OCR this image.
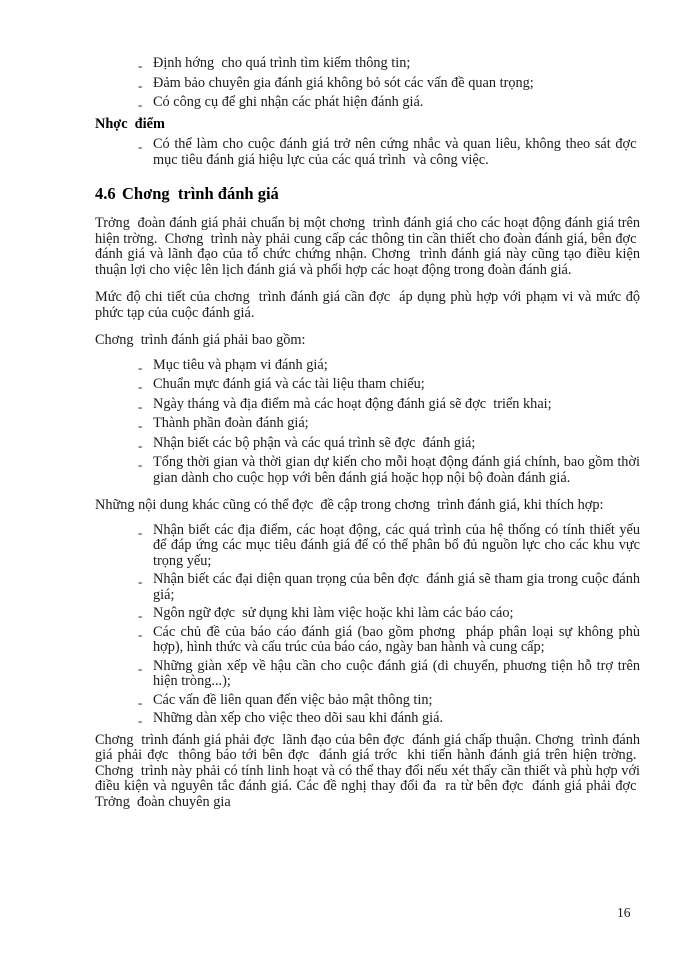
- Định hớng  cho quá trình tìm kiếm thông tin;
- Đảm bảo chuyên gia đánh giá không bỏ sót các vấn đề quan trọng;
- Có công cụ để ghi nhận các phát hiện đánh giá.
Nhợc  điểm
- Có thể làm cho cuộc đánh giá trở nên cứng nhắc và quan liêu, không theo sát đợc  mục tiêu đánh giá hiệu lực của các quá trình  và công việc.
4.6 Chơng  trình đánh giá

Trởng  đoàn đánh giá phải chuẩn bị một chơng  trình đánh giá cho các hoạt động đánh giá trên hiện trờng.  Chơng  trình này phải cung cấp các thông tin cần thiết cho đoàn đánh giá, bên đợc  đánh giá và lãnh đạo của tổ chức chứng nhận. Chơng  trình đánh giá này cũng tạo điều kiện thuận lợi cho việc lên lịch đánh giá và phối hợp các hoạt động trong đoàn đánh giá.

Mức độ chi tiết của chơng  trình đánh giá cần đợc  áp dụng phù hợp với phạm vi và mức độ phức tạp của cuộc đánh giá.

Chơng  trình đánh giá phải bao gồm:

- Mục tiêu và phạm vi đánh giá;
- Chuẩn mực đánh giá và các tài liệu tham chiếu;
- Ngày tháng và địa điểm mà các hoạt động đánh giá sẽ đợc  triển khai;
- Thành phần đoàn đánh giá;
- Nhận biết các bộ phận và các quá trình sẽ đợc  đánh giá;
- Tổng thời gian và thời gian dự kiến cho mỗi hoạt động đánh giá chính, bao gồm thời gian dành cho cuộc họp với bên đánh giá hoặc họp nội bộ đoàn đánh giá.

Những nội dung khác cũng có thể đợc  đề cập trong chơng  trình đánh giá, khi thích hợp:

- Nhận biết các địa điểm, các hoạt động, các quá trình của hệ thống có tính thiết yếu để đáp ứng các mục tiêu đánh giá để có thể phân bổ đủ nguồn lực cho các khu vực trọng yếu;
- Nhận biết các đại diện quan trọng của bên đợc  đánh giá sẽ tham gia trong cuộc đánh giá;
- Ngôn ngữ đợc  sử dụng khi làm việc hoặc khi làm các báo cáo;
- Các chủ đề của báo cáo đánh giá (bao gồm phơng  pháp phân loại sự không phù hợp), hình thức và cấu trúc của báo cáo, ngày ban hành và cung cấp;
- Những giàn xếp về hậu cần cho cuộc đánh giá (di chuyển, phuơng tiện hỗ trợ trên hiện tròng...);
- Các vấn đề liên quan đến việc bảo mật thông tin;
- Những dàn xếp cho việc theo dõi sau khi đánh giá.

Chơng  trình đánh giá phải đợc  lãnh đạo của bên đợc  đánh giá chấp thuận. Chơng  trình đánh giá phải đợc  thông báo tới bên đợc  đánh giá trớc  khi tiến hành đánh giá trên hiện trờng.  Chơng  trình này phải có tính linh hoạt và có thể thay đổi nếu xét thấy cần thiết và phù hợp với điều kiện và nguyên tắc đánh giá. Các đề nghị thay đổi đa  ra từ bên đợc  đánh giá phải đợc  Trởng  đoàn chuyên gia

16
